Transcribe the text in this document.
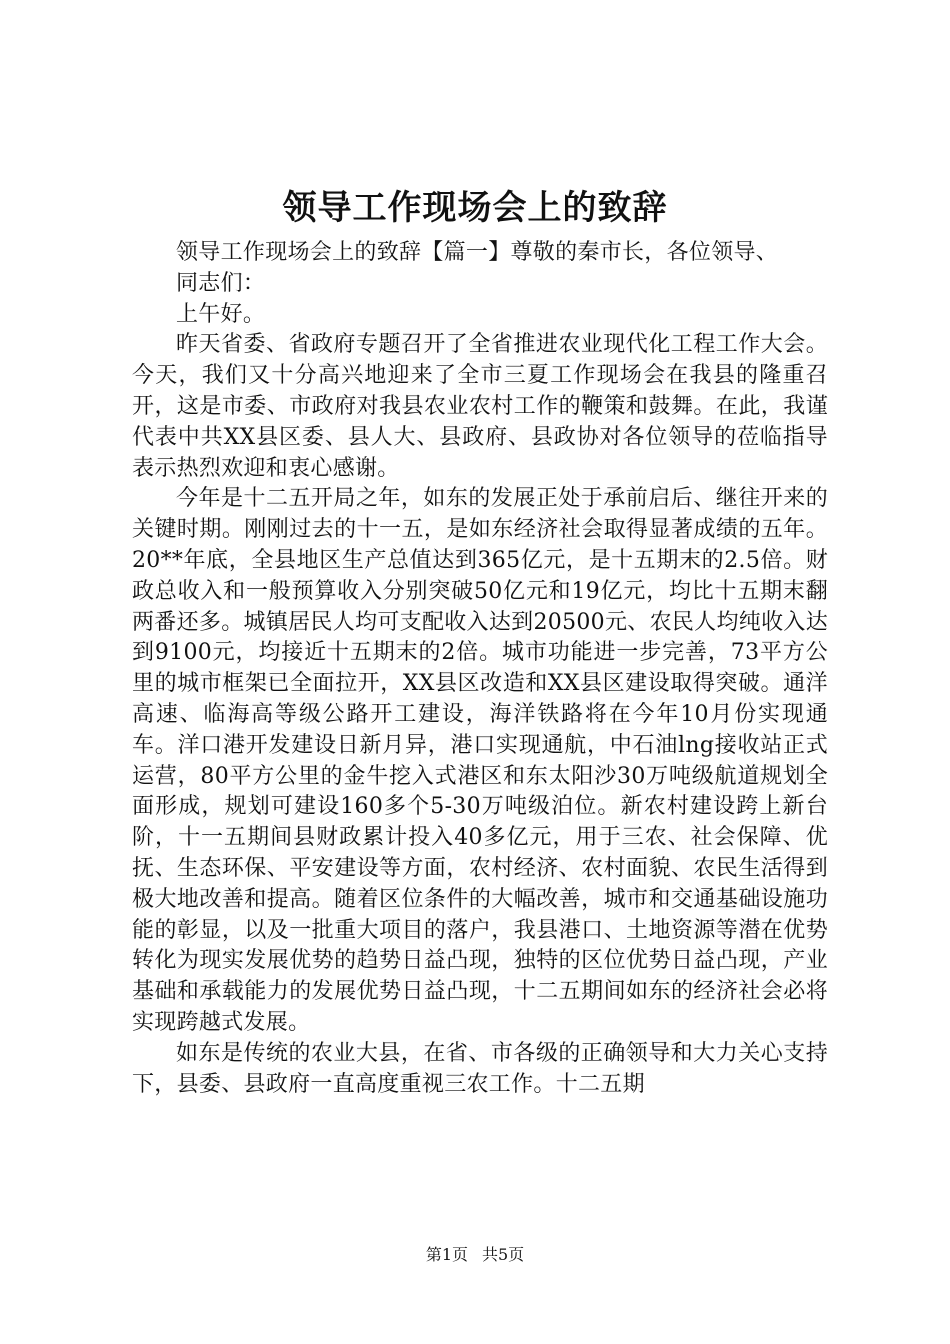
领导工作现场会上的致辞

领导工作现场会上的致辞【篇一】尊敬的秦市长，各位领导、

同志们：

上午好。

昨天省委、省政府专题召开了全省推进农业现代化工程工作大会。今天，我们又十分高兴地迎来了全市三夏工作现场会在我县的隆重召开，这是市委、市政府对我县农业农村工作的鞭策和鼓舞。在此，我谨代表中共XX县区委、县人大、县政府、县政协对各位领导的莅临指导表示热烈欢迎和衷心感谢。

今年是十二五开局之年，如东的发展正处于承前启后、继往开来的关键时期。刚刚过去的十一五，是如东经济社会取得显著成绩的五年。20**年底，全县地区生产总值达到365亿元，是十五期末的2.5倍。财政总收入和一般预算收入分别突破50亿元和19亿元，均比十五期末翻两番还多。城镇居民人均可支配收入达到20500元、农民人均纯收入达到9100元，均接近十五期末的2倍。城市功能进一步完善，73平方公里的城市框架已全面拉开，XX县区改造和XX县区建设取得突破。通洋高速、临海高等级公路开工建设，海洋铁路将在今年10月份实现通车。洋口港开发建设日新月异，港口实现通航，中石油lng接收站正式运营，80平方公里的金牛挖入式港区和东太阳沙30万吨级航道规划全面形成，规划可建设160多个5-30万吨级泊位。新农村建设跨上新台阶，十一五期间县财政累计投入40多亿元，用于三农、社会保障、优抚、生态环保、平安建设等方面，农村经济、农村面貌、农民生活得到极大地改善和提高。随着区位条件的大幅改善，城市和交通基础设施功能的彰显，以及一批重大项目的落户，我县港口、土地资源等潜在优势转化为现实发展优势的趋势日益凸现，独特的区位优势日益凸现，产业基础和承载能力的发展优势日益凸现，十二五期间如东的经济社会必将实现跨越式发展。

如东是传统的农业大县，在省、市各级的正确领导和大力关心支持下，县委、县政府一直高度重视三农工作。十二五期

第1页 共5页
